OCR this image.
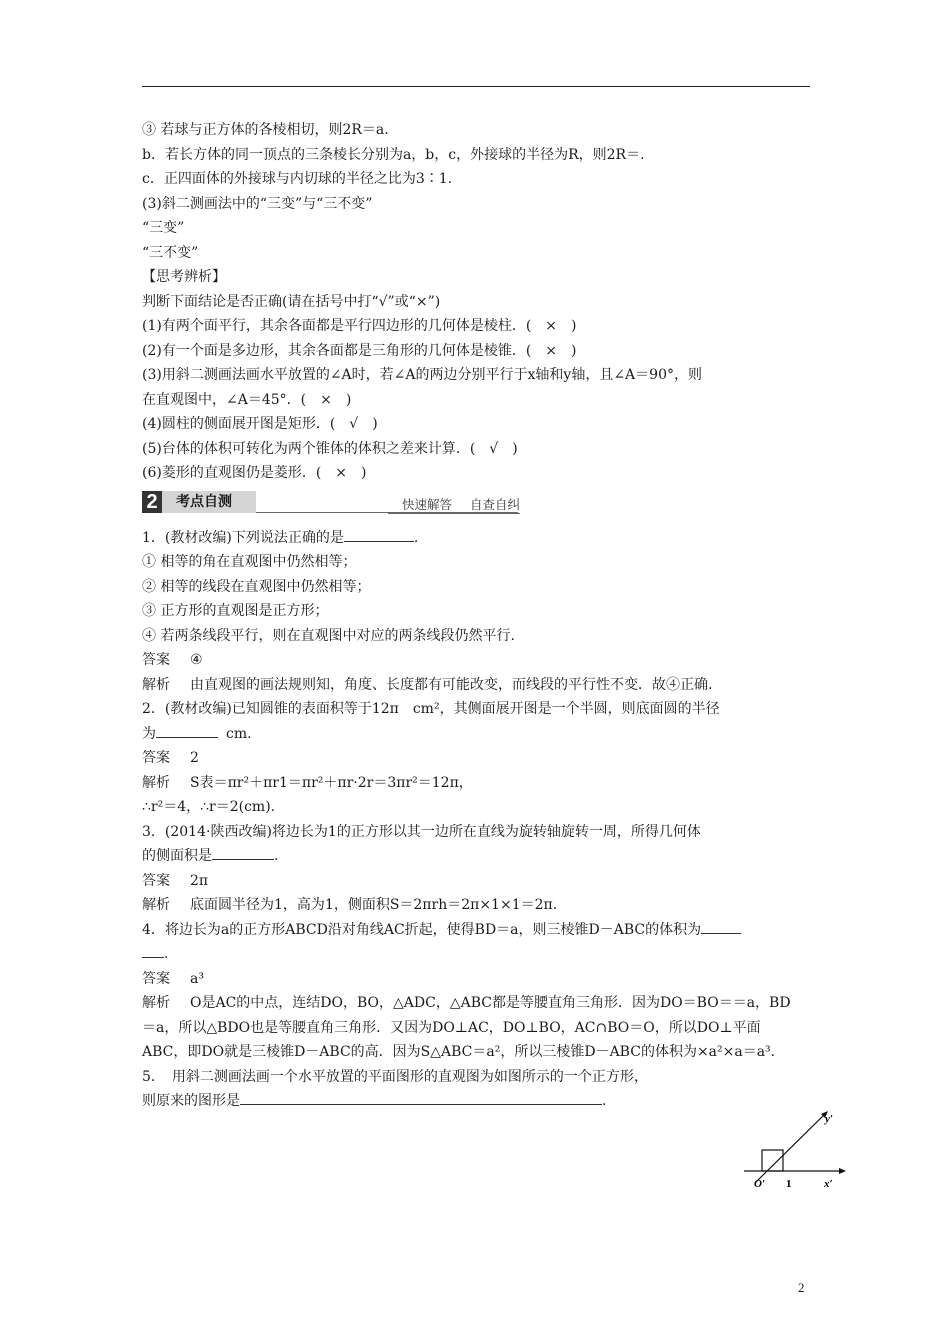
③ 若球与正方体的各棱相切，则2R＝a.
b．若长方体的同一顶点的三条棱长分别为a，b，c，外接球的半径为R，则2R＝.
c．正四面体的外接球与内切球的半径之比为3∶1.
(3)斜二测画法中的“三变”与“三不变”
“三变”
“三不变”
【思考辨析】
判断下面结论是否正确(请在括号中打“√”或“×”)
(1)有两个面平行，其余各面都是平行四边形的几何体是棱柱．(　×　)
(2)有一个面是多边形，其余各面都是三角形的几何体是棱锥．(　×　)
(3)用斜二测画法画水平放置的∠A时，若∠A的两边分别平行于x轴和y轴，且∠A＝90°，则
在直观图中，∠A＝45°．(　×　)
(4)圆柱的侧面展开图是矩形．(　√　)
(5)台体的体积可转化为两个锥体的体积之差来计算．(　√　)
(6)菱形的直观图仍是菱形．(　×　)
2	考点自测	快速解答 自查自纠
1．(教材改编)下列说法正确的是	.
① 相等的角在直观图中仍然相等；
② 相等的线段在直观图中仍然相等；
③ 正方形的直观图是正方形；
④ 若两条线段平行，则在直观图中对应的两条线段仍然平行.
答案 ④
解析 由直观图的画法规则知，角度、长度都有可能改变，而线段的平行性不变．故④正确.
2．(教材改编)已知圆锥的表面积等于12π　cm²，其侧面展开图是一个半圆，则底面圆的半径
为	cm.
答案 2
解析 S表＝πr²＋πr1＝πr²＋πr·2r＝3πr²＝12π，
∴r²＝4，∴r＝2(cm).
3．(2014·陕西改编)将边长为1的正方形以其一边所在直线为旋转轴旋转一周，所得几何体
的侧面积是	.
答案 2π
解析 底面圆半径为1，高为1，侧面积S＝2πrh＝2π×1×1＝2π.
4．将边长为a的正方形ABCD沿对角线AC折起，使得BD＝a，则三棱锥D－ABC的体积为
.
答案 a³
解析 O是AC的中点，连结DO，BO，△ADC，△ABC都是等腰直角三角形．因为DO＝BO＝＝a，BD
＝a，所以△BDO也是等腰直角三角形．又因为DO⊥AC，DO⊥BO，AC∩BO＝O，所以DO⊥平面
ABC，即DO就是三棱锥D－ABC的高．因为S△ABC＝a²，所以三棱锥D－ABC的体积为×a²×a＝a³.
5．　用斜二测画法画一个水平放置的平面图形的直观图为如图所示的一个正方形，
则原来的图形是	.
y′
O′ 1	x′
2
